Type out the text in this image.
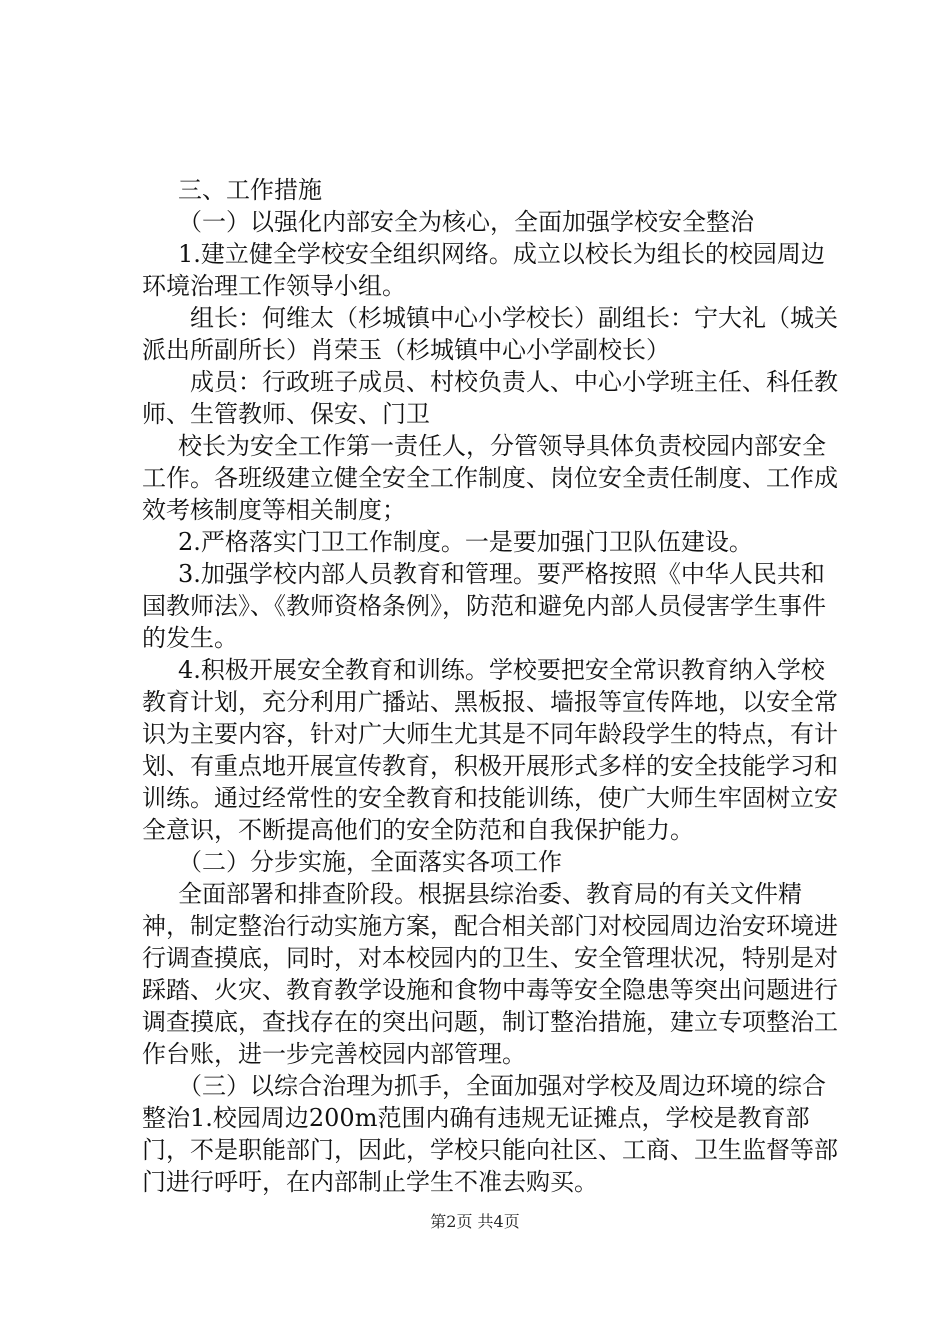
三、工作措施

（一）以强化内部安全为核心，全面加强学校安全整治

1.建立健全学校安全组织网络。成立以校长为组长的校园周边环境治理工作领导小组。

组长：何维太（杉城镇中心小学校长）副组长：宁大礼（城关派出所副所长）肖荣玉（杉城镇中心小学副校长）

成员：行政班子成员、村校负责人、中心小学班主任、科任教师、生管教师、保安、门卫

校长为安全工作第一责任人，分管领导具体负责校园内部安全工作。各班级建立健全安全工作制度、岗位安全责任制度、工作成效考核制度等相关制度；

2.严格落实门卫工作制度。一是要加强门卫队伍建设。

3.加强学校内部人员教育和管理。要严格按照《中华人民共和国教师法》、《教师资格条例》，防范和避免内部人员侵害学生事件的发生。

4.积极开展安全教育和训练。学校要把安全常识教育纳入学校教育计划，充分利用广播站、黑板报、墙报等宣传阵地，以安全常识为主要内容，针对广大师生尤其是不同年龄段学生的特点，有计划、有重点地开展宣传教育，积极开展形式多样的安全技能学习和训练。通过经常性的安全教育和技能训练，使广大师生牢固树立安全意识，不断提高他们的安全防范和自我保护能力。

（二）分步实施，全面落实各项工作

全面部署和排查阶段。根据县综治委、教育局的有关文件精神，制定整治行动实施方案，配合相关部门对校园周边治安环境进行调查摸底，同时，对本校园内的卫生、安全管理状况，特别是对踩踏、火灾、教育教学设施和食物中毒等安全隐患等突出问题进行调查摸底，查找存在的突出问题，制订整治措施，建立专项整治工作台账，进一步完善校园内部管理。

（三）以综合治理为抓手，全面加强对学校及周边环境的综合整治1.校园周边200m范围内确有违规无证摊点，学校是教育部门，不是职能部门，因此，学校只能向社区、工商、卫生监督等部门进行呼吁，在内部制止学生不准去购买。

第2页 共4页
